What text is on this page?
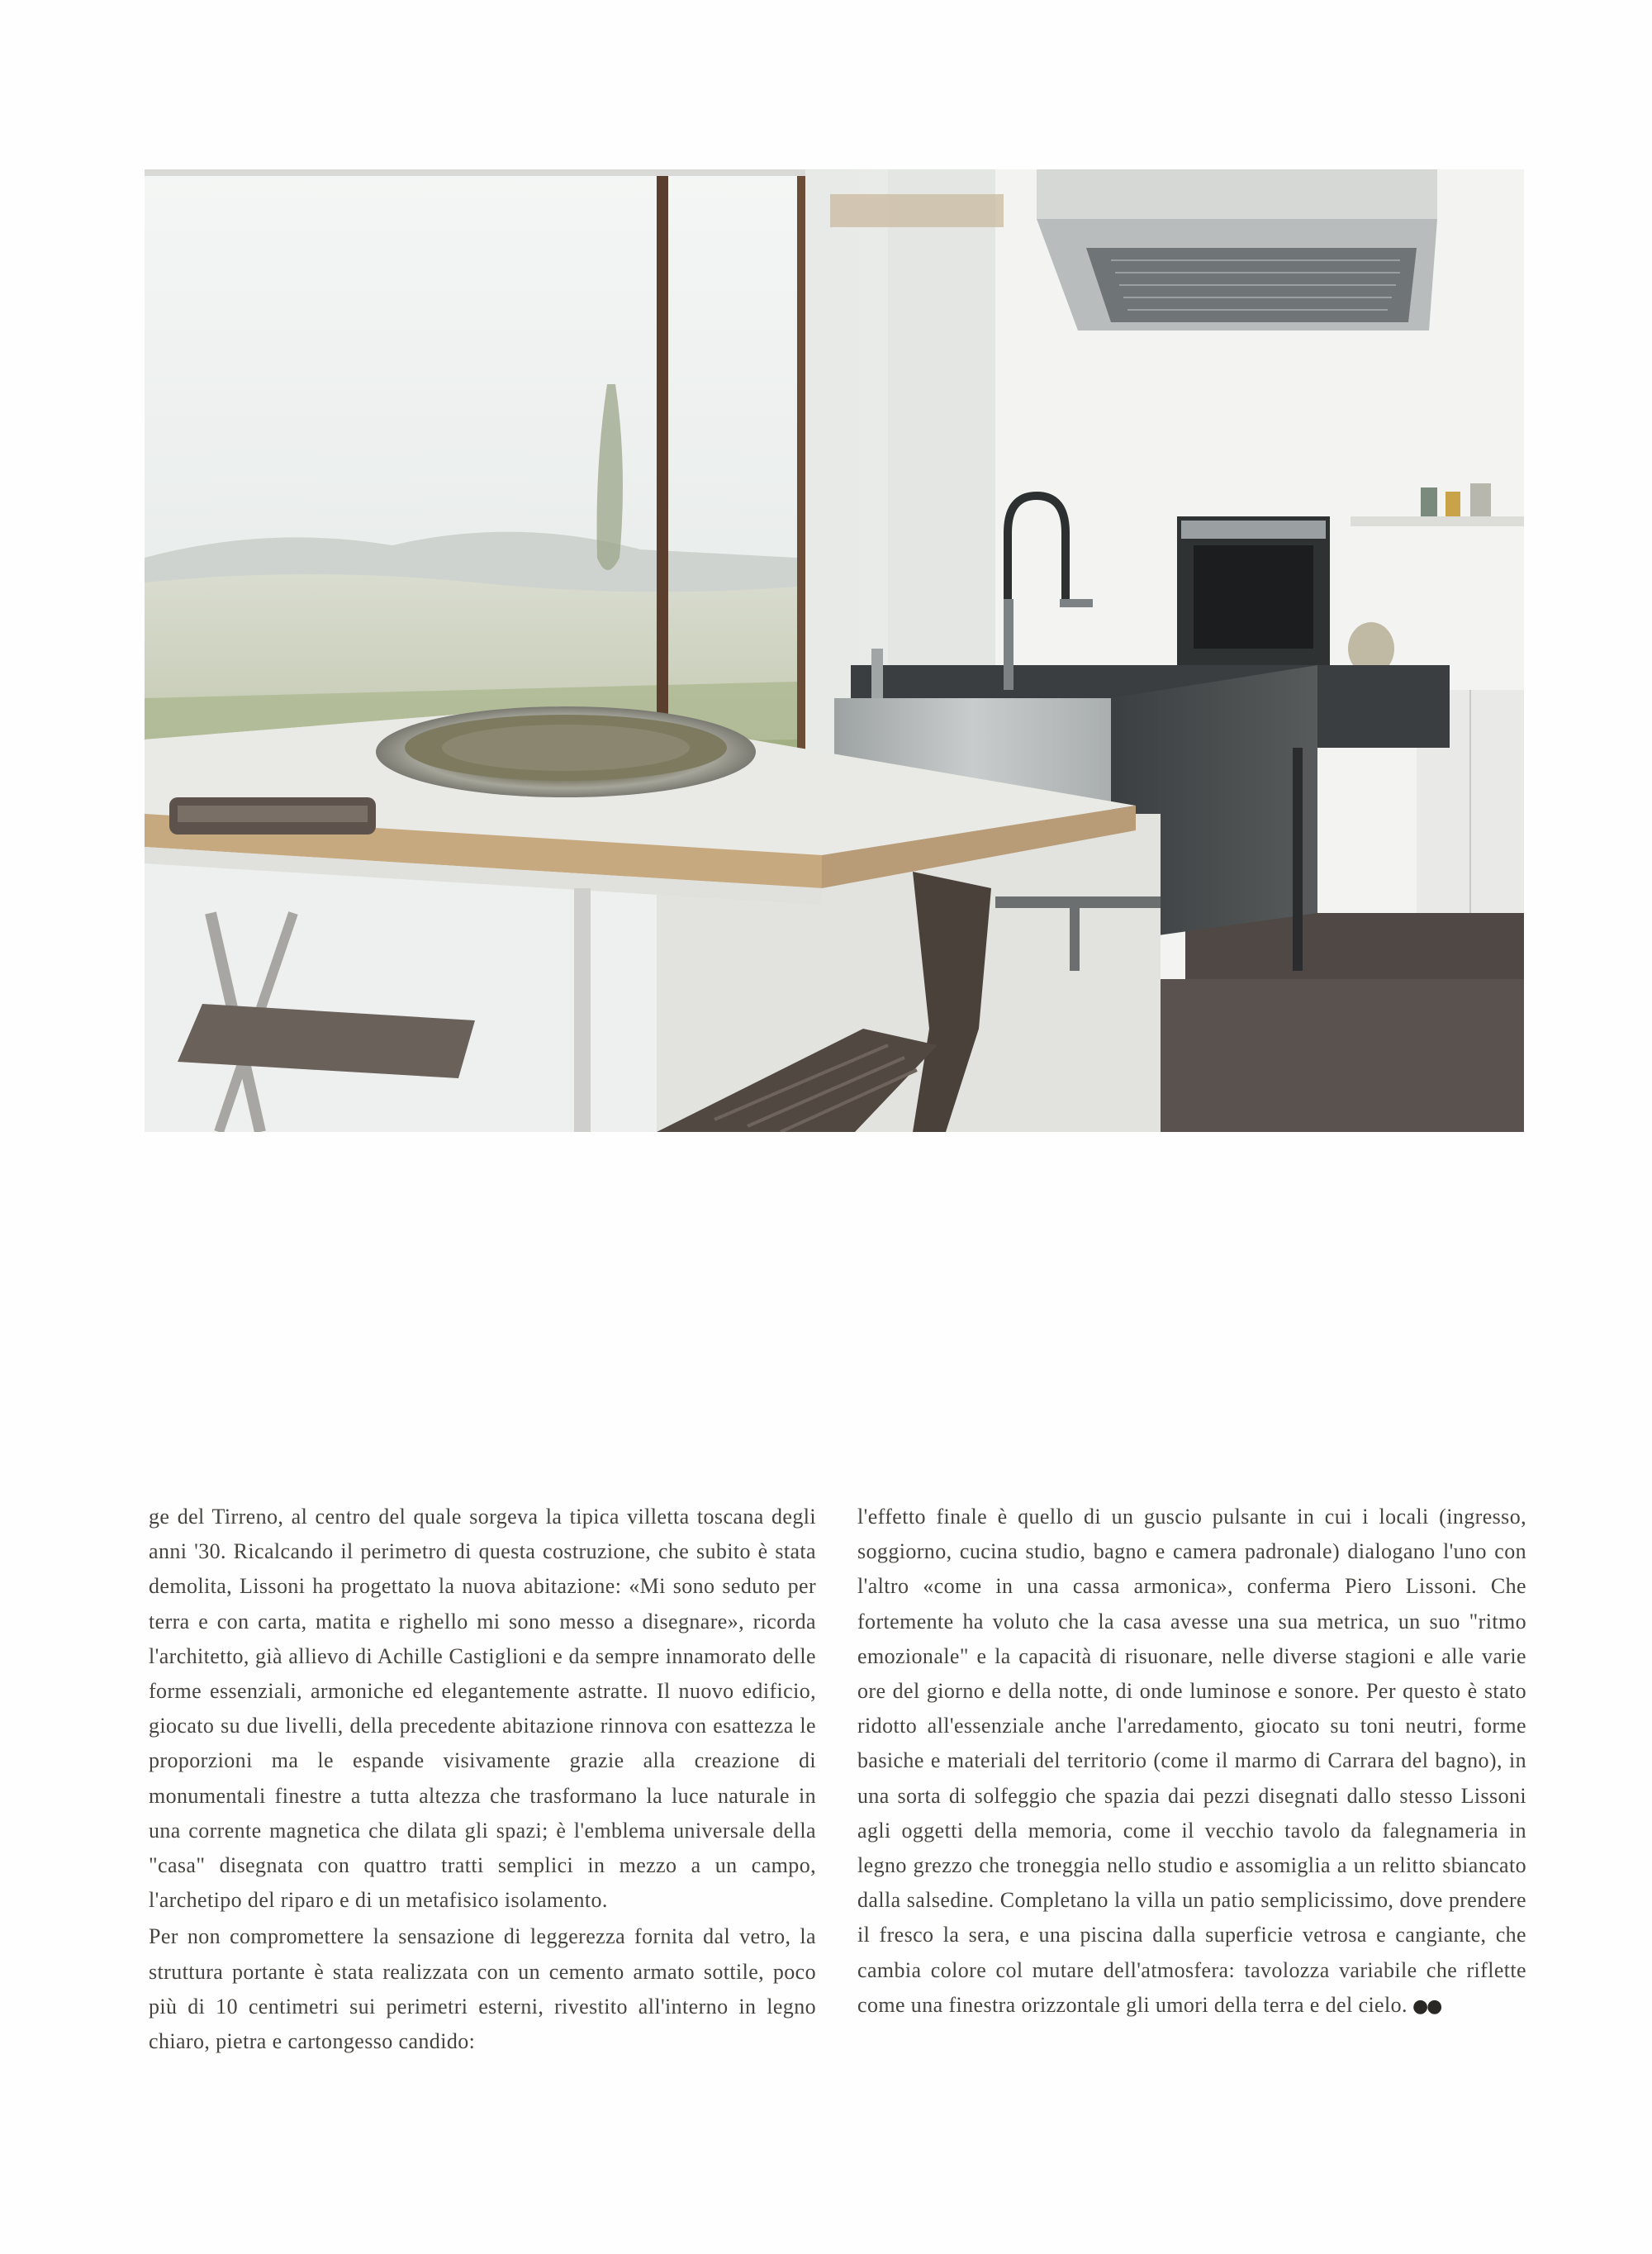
ge del Tirreno, al centro del quale sorgeva la tipica villetta toscana degli anni '30. Ricalcando il perimetro di questa costruzione, che subito è stata demolita, Lissoni ha progettato la nuova abitazione: «Mi sono seduto per terra e con carta, matita e righello mi sono messo a disegnare», ricorda l'architetto, già allievo di Achille Castiglioni e da sempre innamorato delle forme essenziali, armoniche ed elegantemente astratte. Il nuovo edificio, giocato su due livelli, della precedente abitazione rinnova con esattezza le proporzioni ma le espande visivamente grazie alla creazione di monumentali finestre a tutta altezza che trasformano la luce naturale in una corrente magnetica che dilata gli spazi; è l'emblema universale della "casa" disegnata con quattro tratti semplici in mezzo a un campo, l'archetipo del riparo e di un metafisico isolamento.

Per non compromettere la sensazione di leggerezza fornita dal vetro, la struttura portante è stata realizzata con un cemento armato sottile, poco più di 10 centimetri sui perimetri esterni, rivestito all'interno in legno chiaro, pietra e cartongesso candido:

l'effetto finale è quello di un guscio pulsante in cui i locali (ingresso, soggiorno, cucina studio, bagno e camera padronale) dialogano l'uno con l'altro «come in una cassa armonica», conferma Piero Lissoni. Che fortemente ha voluto che la casa avesse una sua metrica, un suo "ritmo emozionale" e la capacità di risuonare, nelle diverse stagioni e alle varie ore del giorno e della notte, di onde luminose e sonore. Per questo è stato ridotto all'essenziale anche l'arredamento, giocato su toni neutri, forme basiche e materiali del territorio (come il marmo di Carrara del bagno), in una sorta di solfeggio che spazia dai pezzi disegnati dallo stesso Lissoni agli oggetti della memoria, come il vecchio tavolo da falegnameria in legno grezzo che troneggia nello studio e assomiglia a un relitto sbiancato dalla salsedine. Completano la villa un patio semplicissimo, dove prendere il fresco la sera, e una piscina dalla superficie vetrosa e cangiante, che cambia colore col mutare dell'atmosfera: tavolozza variabile che riflette come una finestra orizzontale gli umori della terra e del cielo. ●●
